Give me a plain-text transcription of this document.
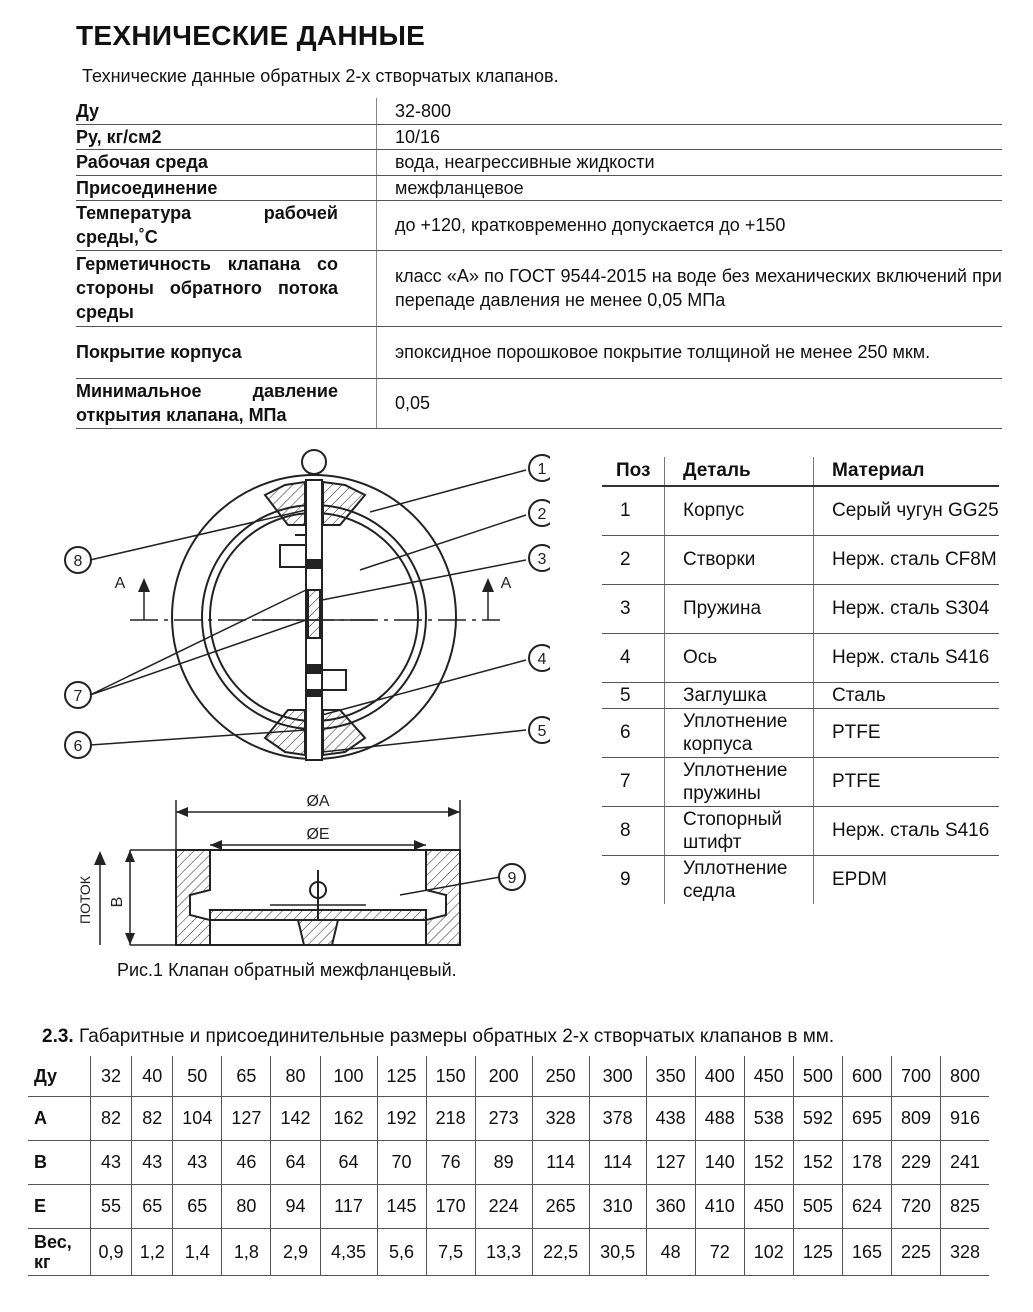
ТЕХНИЧЕСКИЕ ДАННЫЕ
Технические данные обратных 2-х створчатых клапанов.
Ду	32-800
Ру, кг/см2	10/16
Рабочая среда	вода, неагрессивные жидкости
Присоединение	межфланцевое
Температура рабочей среды,˚С	до +120, кратковременно допускается до +150
Герметичность клапана со стороны обратного потока среды	класс «А» по ГОСТ 9544-2015 на воде без механических включений при перепаде давления не менее 0,05 МПа
Покрытие корпуса	эпоксидное порошковое покрытие толщиной не менее 250 мкм.
Минимальное давление открытия клапана, МПа	0,05
1
2
3
4
5
6
7
8
9
A	A
ØA
ØE
B
ПОТОК
Поз	Деталь	Материал
1	Корпус	Серый чугун GG25
2	Створки	Нерж. сталь CF8M
3	Пружина	Нерж. сталь S304
4	Ось	Нерж. сталь S416
5	Заглушка	Сталь
6	Уплотнение корпуса	PTFE
7	Уплотнение пружины	PTFE
8	Стопорный штифт	Нерж. сталь S416
9	Уплотнение седла	EPDM
Рис.1 Клапан обратный межфланцевый.
2.3. Габаритные и присоединительные размеры обратных 2-х створчатых клапанов в мм.
Ду	32	40	50	65	80	100	125	150	200	250	300	350	400	450	500	600	700	800
А	82	82	104	127	142	162	192	218	273	328	378	438	488	538	592	695	809	916
В	43	43	43	46	64	64	70	76	89	114	114	127	140	152	152	178	229	241
Е	55	65	65	80	94	117	145	170	224	265	310	360	410	450	505	624	720	825
Вес, кг	0,9	1,2	1,4	1,8	2,9	4,35	5,6	7,5	13,3	22,5	30,5	48	72	102	125	165	225	328
